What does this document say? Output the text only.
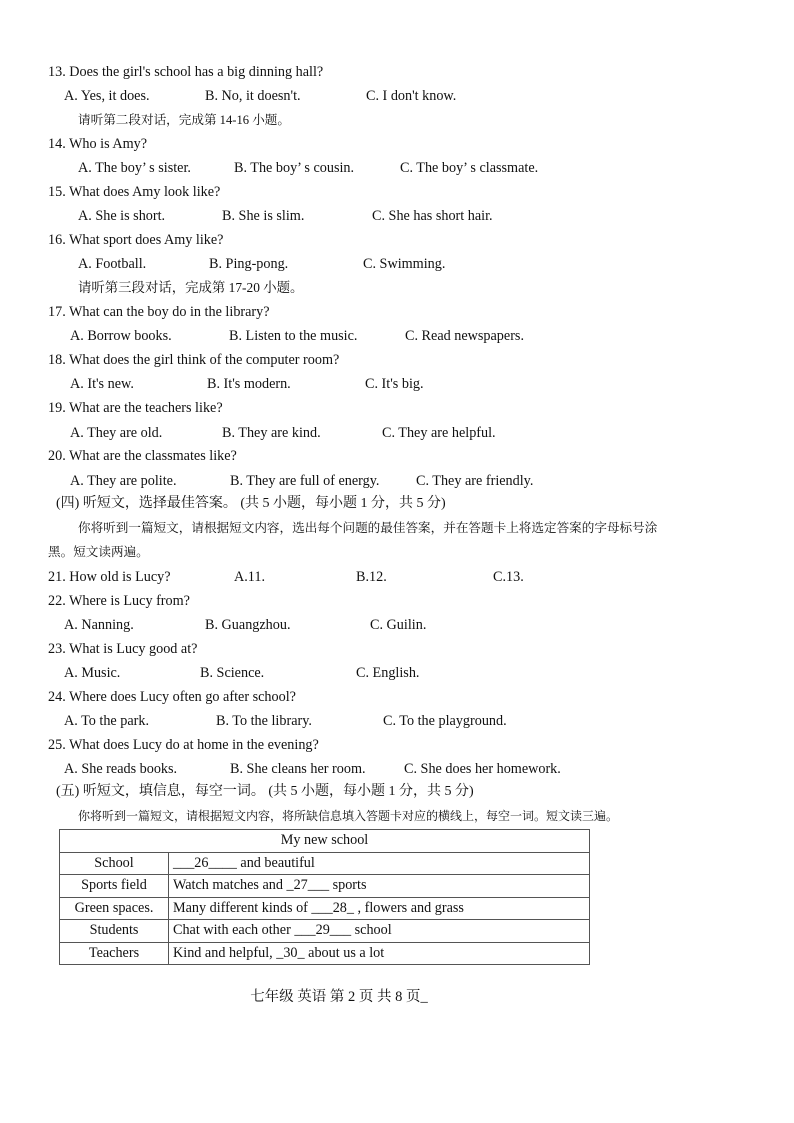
13. Does the girl's school has a big dinning hall?
A. Yes, it does.	B. No, it doesn't.	C. I don't know.
请听第二段对话，完成第 14-16 小题。
14. Who is Amy?
A. The boy’ s sister.	B. The boy’ s cousin.	C. The boy’ s classmate.
15. What does Amy look like?
A. She is short.	B. She is slim.	C. She has short hair.
16. What sport does Amy like?
A. Football.	B. Ping-pong.	C. Swimming.
请听第三段对话，完成第 17-20 小题。
17. What can the boy do in the library?
A. Borrow books.	B. Listen to the music.	C. Read newspapers.
18. What does the girl think of the computer room?
A. It's new.	B. It's modern.	C. It's big.
19. What are the teachers like?
A. They are old.	B. They are kind.	C. They are helpful.
20. What are the classmates like?
A. They are polite.	B. They are full of energy.	C. They are friendly.
(四) 听短文，选择最佳答案。 (共 5 小题，每小题 1 分，共 5 分)
你将听到一篇短文，请根据短文内容，选出每个问题的最佳答案，并在答题卡上将选定答案的字母标号涂
黑。短文读两遍。
21. How old is Lucy?	A.11.	B.12.	C.13.
22. Where is Lucy from?
A. Nanning.	B. Guangzhou.	C. Guilin.
23. What is Lucy good at?
A. Music.	B. Science.	C. English.
24. Where does Lucy often go after school?
A. To the park.	B. To the library.	C. To the playground.
25. What does Lucy do at home in the evening?
A. She reads books.	B. She cleans her room.	C. She does her homework.
(五) 听短文，填信息，每空一词。 (共 5 小题，每小题 1 分，共 5 分)
你将听到一篇短文，请根据短文内容，将所缺信息填入答题卡对应的横线上，每空一词。短文读三遍。
My new school	
School	___26____ and beautiful
Sports field	Watch matches and _27___ sports
Green spaces.	Many different kinds of ___28_ , flowers and grass
Students	Chat with each other ___29___ school
Teachers	Kind and helpful, _30_ about us a lot
七年级 英语 第 2 页 共 8 页_
